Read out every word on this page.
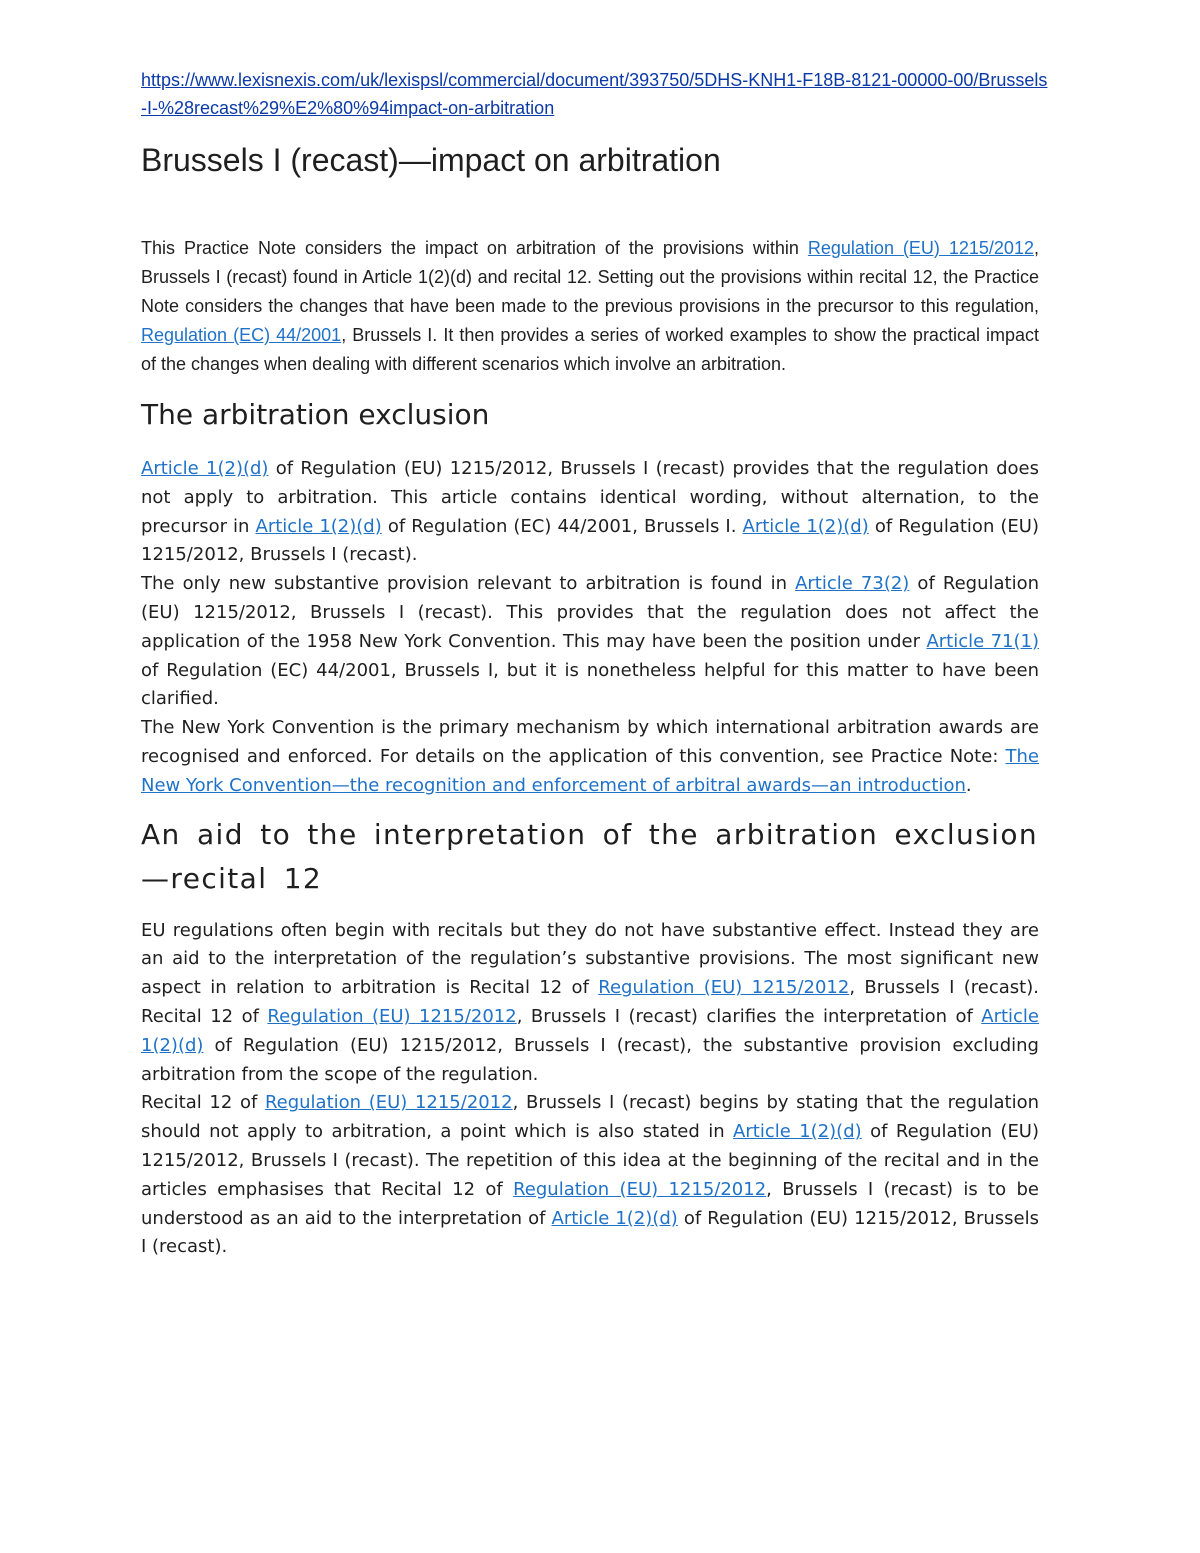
https://www.lexisnexis.com/uk/lexispsl/commercial/document/393750/5DHS-KNH1-F18B-8121-00000-00/Brussels-I-%28recast%29%E2%80%94impact-on-arbitration
Brussels I (recast)—impact on arbitration

This Practice Note considers the impact on arbitration of the provisions within Regulation (EU) 1215/2012, Brussels I (recast) found in Article 1(2)(d) and recital 12. Setting out the provisions within recital 12, the Practice Note considers the changes that have been made to the previous provisions in the precursor to this regulation, Regulation (EC) 44/2001, Brussels I. It then provides a series of worked examples to show the practical impact of the changes when dealing with different scenarios which involve an arbitration.

The arbitration exclusion

Article 1(2)(d) of Regulation (EU) 1215/2012, Brussels I (recast) provides that the regulation does not apply to arbitration. This article contains identical wording, without alternation, to the precursor in Article 1(2)(d) of Regulation (EC) 44/2001, Brussels I. Article 1(2)(d) of Regulation (EU) 1215/2012, Brussels I (recast).

The only new substantive provision relevant to arbitration is found in Article 73(2) of Regulation (EU) 1215/2012, Brussels I (recast). This provides that the regulation does not affect the application of the 1958 New York Convention. This may have been the position under Article 71(1) of Regulation (EC) 44/2001, Brussels I, but it is nonetheless helpful for this matter to have been clarified.

The New York Convention is the primary mechanism by which international arbitration awards are recognised and enforced. For details on the application of this convention, see Practice Note: The New York Convention—the recognition and enforcement of arbitral awards—an introduction.

An aid to the interpretation of the arbitration exclusion—recital 12

EU regulations often begin with recitals but they do not have substantive effect. Instead they are an aid to the interpretation of the regulation’s substantive provisions. The most significant new aspect in relation to arbitration is Recital 12 of Regulation (EU) 1215/2012, Brussels I (recast). Recital 12 of Regulation (EU) 1215/2012, Brussels I (recast) clarifies the interpretation of Article 1(2)(d) of Regulation (EU) 1215/2012, Brussels I (recast), the substantive provision excluding arbitration from the scope of the regulation.

Recital 12 of Regulation (EU) 1215/2012, Brussels I (recast) begins by stating that the regulation should not apply to arbitration, a point which is also stated in Article 1(2)(d) of Regulation (EU) 1215/2012, Brussels I (recast). The repetition of this idea at the beginning of the recital and in the articles emphasises that Recital 12 of Regulation (EU) 1215/2012, Brussels I (recast) is to be understood as an aid to the interpretation of Article 1(2)(d) of Regulation (EU) 1215/2012, Brussels I (recast).
